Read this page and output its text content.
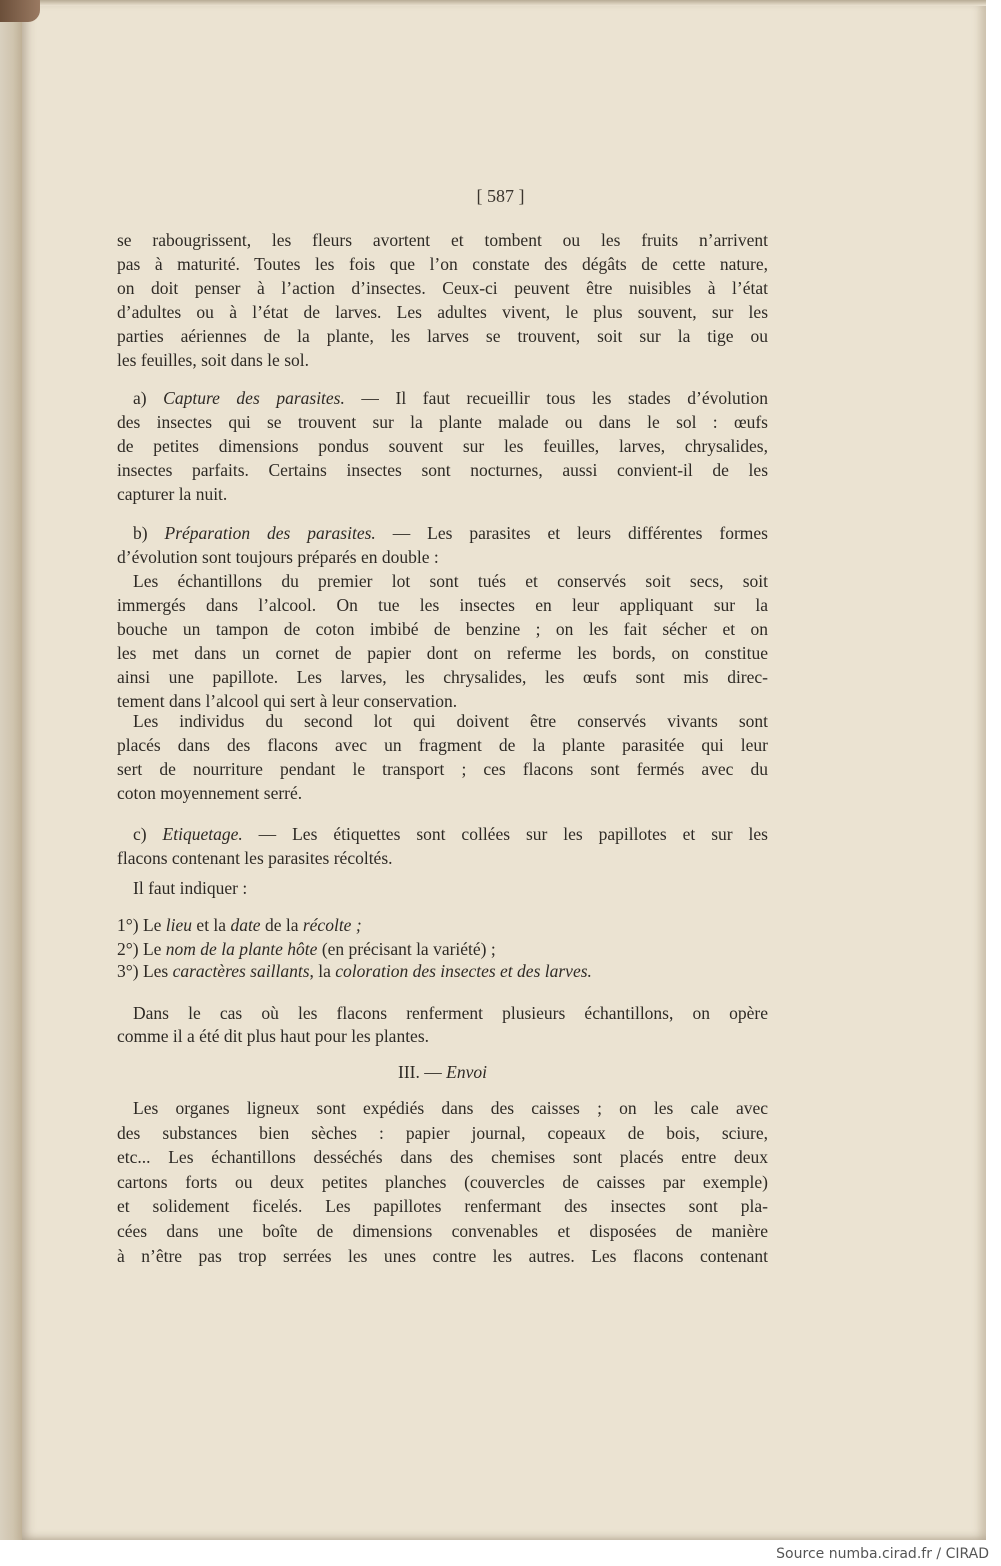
[ 587 ]
se rabougrissent, les fleurs avortent et tombent ou les fruits n’arrivent
pas à maturité. Toutes les fois que l’on constate des dégâts de cette nature,
on doit penser à l’action d’insectes. Ceux-ci peuvent être nuisibles à l’état
d’adultes ou à l’état de larves. Les adultes vivent, le plus souvent, sur les
parties aériennes de la plante, les larves se trouvent, soit sur la tige ou
les feuilles, soit dans le sol.
a) Capture des parasites. — Il faut recueillir tous les stades d’évolution
des insectes qui se trouvent sur la plante malade ou dans le sol : œufs
de petites dimensions pondus souvent sur les feuilles, larves, chrysalides,
insectes parfaits. Certains insectes sont nocturnes, aussi convient-il de les
capturer la nuit.
b) Préparation des parasites. — Les parasites et leurs différentes formes
d’évolution sont toujours préparés en double :
Les échantillons du premier lot sont tués et conservés soit secs, soit
immergés dans l’alcool. On tue les insectes en leur appliquant sur la
bouche un tampon de coton imbibé de benzine ; on les fait sécher et on
les met dans un cornet de papier dont on referme les bords, on constitue
ainsi une papillote. Les larves, les chrysalides, les œufs sont mis direc-
tement dans l’alcool qui sert à leur conservation.
Les individus du second lot qui doivent être conservés vivants sont
placés dans des flacons avec un fragment de la plante parasitée qui leur
sert de nourriture pendant le transport ; ces flacons sont fermés avec du
coton moyennement serré.
c) Etiquetage. — Les étiquettes sont collées sur les papillotes et sur les
flacons contenant les parasites récoltés.
Il faut indiquer :
1°) Le lieu et la date de la récolte ;
2°) Le nom de la plante hôte (en précisant la variété) ;
3°) Les caractères saillants, la coloration des insectes et des larves.
Dans le cas où les flacons renferment plusieurs échantillons, on opère
comme il a été dit plus haut pour les plantes.
III. — Envoi
Les organes ligneux sont expédiés dans des caisses ; on les cale avec
des substances bien sèches : papier journal, copeaux de bois, sciure,
etc... Les échantillons desséchés dans des chemises sont placés entre deux
cartons forts ou deux petites planches (couvercles de caisses par exemple)
et solidement ficelés. Les papillotes renfermant des insectes sont pla-
cées dans une boîte de dimensions convenables et disposées de manière
à n’être pas trop serrées les unes contre les autres. Les flacons contenant
Source numba.cirad.fr / CIRAD
